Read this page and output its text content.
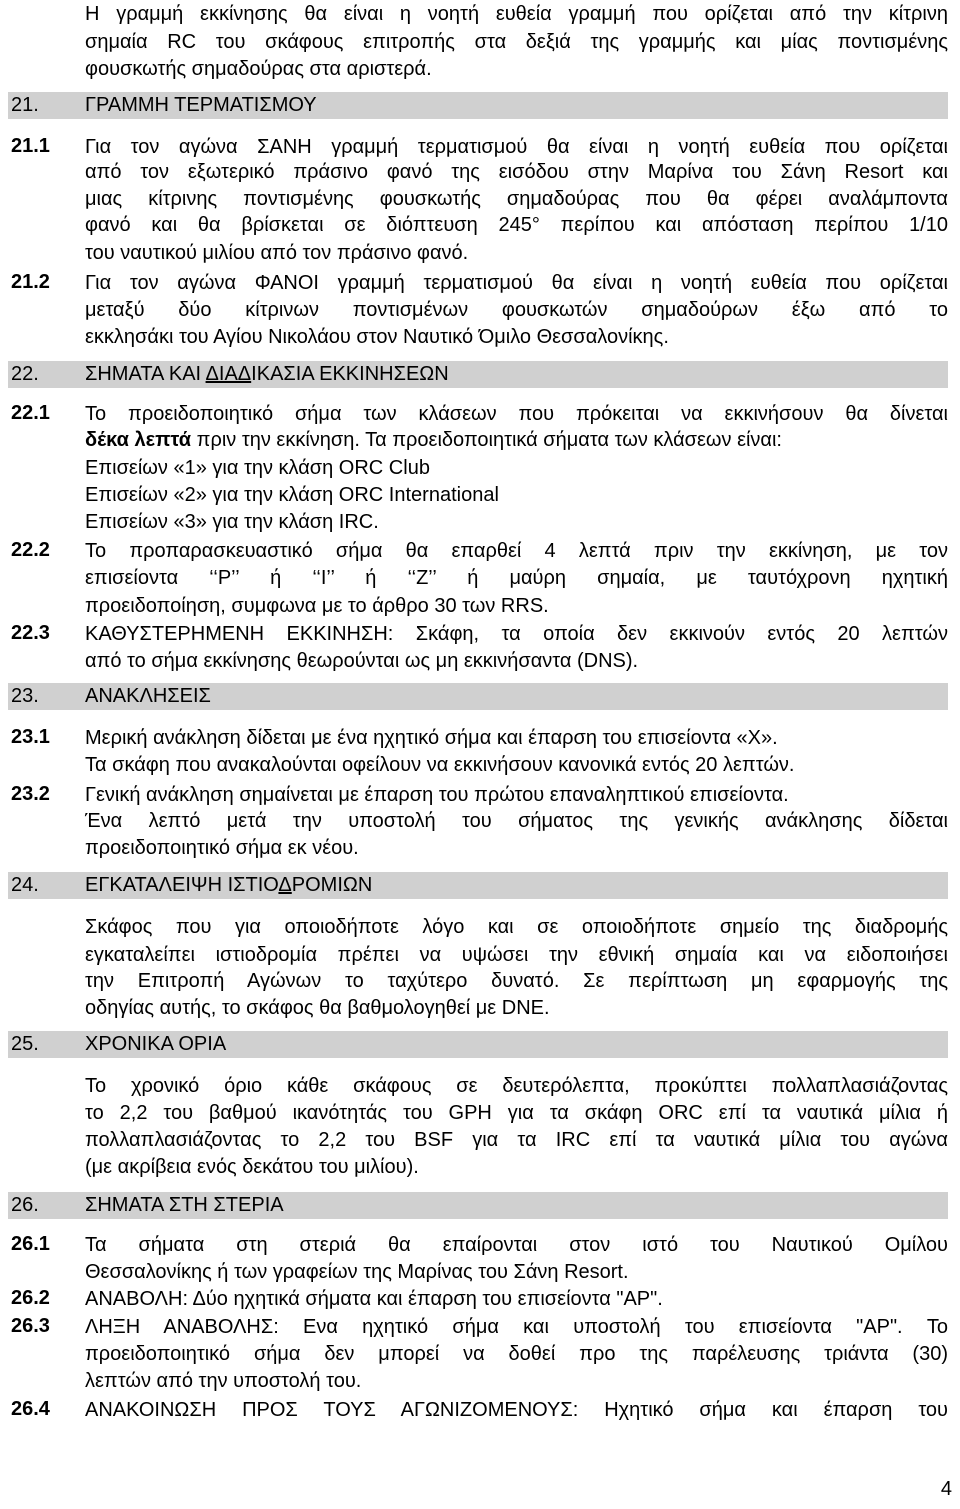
Η γραμμή εκκίνησης θα είναι η νοητή ευθεία γραμμή που ορίζεται από την κίτρινη
σημαία RC του σκάφους επιτροπής στα δεξιά της γραμμής και μίας ποντισμένης
φουσκωτής σημαδούρας στα αριστερά.
21. ΓΡΑΜΜΗ ΤΕΡΜΑΤΙΣΜΟΥ
21.1 Για τον αγώνα ΣΑΝΗ γραμμή τερματισμού θα είναι η νοητή ευθεία που ορίζεται
από τον εξωτερικό πράσινο φανό της εισόδου στην Μαρίνα του Σάνη Resort και
μιας κίτρινης ποντισμένης φουσκωτής σημαδούρας που θα φέρει αναλάμποντα
φανό και θα βρίσκεται σε διόπτευση 245° περίπου και απόσταση περίπου 1/10
του ναυτικού μιλίου από τον πράσινο φανό.
21.2 Για τον αγώνα ΦΑΝΟΙ γραμμή τερματισμού θα είναι η νοητή ευθεία που ορίζεται
μεταξύ δύο κίτρινων ποντισμένων φουσκωτών σημαδούρων έξω από το
εκκλησάκι του Αγίου Νικολάου στον Ναυτικό Όμιλο Θεσσαλονίκης.
22. ΣΗΜΑΤΑ ΚΑΙ ΔΙΑΔΙΚΑΣΙΑ ΕΚΚΙΝΗΣΕΩΝ
22.1 Το προειδοποιητικό σήμα των κλάσεων που πρόκειται να εκκινήσουν θα δίνεται
δέκα λεπτά πριν την εκκίνηση. Τα προειδοποιητικά σήματα των κλάσεων είναι:
Επισείων «1» για την κλάση ORC Club
Επισείων «2» για την κλάση ORC International
Επισείων «3» για την κλάση IRC.
22.2 Το προπαρασκευαστικό σήμα θα επαρθεί 4 λεπτά πριν την εκκίνηση, με τον
επισείοντα ‘‘P’’ ή ‘‘I’’ ή ‘‘Z’’ ή μαύρη σημαία, με ταυτόχρονη ηχητική
προειδοποίηση, συμφωνα με το άρθρο 30 των RRS.
22.3 ΚΑΘΥΣΤΕΡΗΜΕΝΗ ΕΚΚΙΝΗΣΗ: Σκάφη, τα οποία δεν εκκινούν εντός 20 λεπτών
από το σήμα εκκίνησης θεωρούνται ως μη εκκινήσαντα (DNS).
23. ΑΝΑΚΛΗΣΕΙΣ
23.1 Μερική ανάκληση δίδεται με ένα ηχητικό σήμα και έπαρση του επισείοντα «Χ».
Τα σκάφη που ανακαλούνται οφείλουν να εκκινήσουν κανονικά εντός 20 λεπτών.
23.2 Γενική ανάκληση σημαίνεται με έπαρση του πρώτου επαναληπτικού επισείοντα.
Ένα λεπτό μετά την υποστολή του σήματος της γενικής ανάκλησης δίδεται
προειδοποιητικό σήμα εκ νέου.
24. ΕΓΚΑΤΑΛΕΙΨΗ ΙΣΤΙΟΔΡΟΜΙΩΝ
Σκάφος που για οποιοδήποτε λόγο και σε οποιοδήποτε σημείο της διαδρομής
εγκαταλείπει ιστιοδρομία πρέπει να υψώσει την εθνική σημαία και να ειδοποιήσει
την Επιτροπή Αγώνων το ταχύτερο δυνατό. Σε περίπτωση μη εφαρμογής της
οδηγίας αυτής, το σκάφος θα βαθμολογηθεί με DNE.
25. ΧΡΟΝΙΚΑ ΟΡΙΑ
Το χρονικό όριο κάθε σκάφους σε δευτερόλεπτα, προκύπτει πολλαπλασιάζοντας
το 2,2 του βαθμού ικανότητάς του GPH για τα σκάφη ORC επί τα ναυτικά μίλια ή
πολλαπλασιάζοντας το 2,2 του BSF για τα IRC επί τα ναυτικά μίλια του αγώνα
(με ακρίβεια ενός δεκάτου του μιλίου).
26. ΣΗΜΑΤΑ ΣΤΗ ΣΤΕΡΙΑ
26.1 Τα σήματα στη στεριά θα επαίρονται στον ιστό του Ναυτικού Ομίλου
Θεσσαλονίκης ή των γραφείων της Μαρίνας του Σάνη Resort.
26.2 ΑΝΑΒΟΛΗ: Δύο ηχητικά σήματα και έπαρση του επισείοντα "AP".
26.3 ΛΗΞΗ ΑΝΑΒΟΛΗΣ: Ενα ηχητικό σήμα και υποστολή του επισείοντα "AP". Το
προειδοποιητικό σήμα δεν μπορεί να δοθεί προ της παρέλευσης τριάντα (30)
λεπτών από την υποστολή του.
26.4 ΑΝΑΚΟΙΝΩΣΗ ΠΡΟΣ ΤΟΥΣ ΑΓΩΝΙΖΟΜΕΝΟΥΣ: Ηχητικό σήμα και έπαρση του
4
